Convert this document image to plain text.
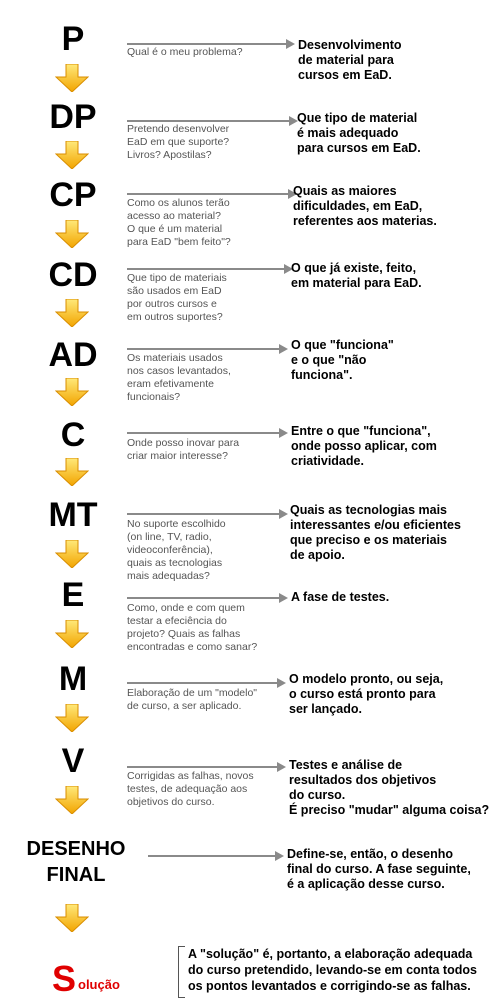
P
DP
CP
CD
AD
C
MT
E
M
V
DESENHO
FINAL
Qual é o meu problema?
Pretendo desenvolver
EaD em que suporte?
Livros? Apostilas?
Como os alunos terão
acesso ao material?
O que é um material
para EaD "bem feito"?
Que tipo de materiais
são usados em EaD
por outros cursos e
em outros suportes?
Os materiais usados
nos casos levantados,
eram efetivamente
funcionais?
Onde posso inovar para
criar maior interesse?
No suporte escolhido
(on line, TV, radio,
videoconferência),
quais as tecnologias
mais adequadas?
Como, onde e com quem
testar a efeciência do
projeto? Quais as falhas
encontradas e como sanar?
Elaboração de um "modelo"
de curso, a ser aplicado.
Corrigidas as falhas, novos
testes, de adequação aos
objetivos do curso.
Desenvolvimento
de material para
cursos em EaD.
Que tipo de material
é mais adequado
para cursos em EaD.
Quais as maiores
dificuldades, em EaD,
referentes aos materias.
O que já existe, feito,
em material para EaD.
O que "funciona"
e o que "não
funciona".
Entre o que "funciona",
onde posso aplicar, com
criatividade.
Quais as tecnologias mais
interessantes e/ou eficientes
que preciso e os materiais
de apoio.
A fase de testes.
O modelo pronto, ou seja,
o curso está pronto para
ser lançado.
Testes e análise de
resultados dos objetivos
do curso.
É preciso "mudar" alguma coisa?
Define-se, então, o desenho
final do curso. A fase seguinte,
é a aplicação desse curso.
S olução
A "solução" é, portanto, a elaboração adequada
do curso pretendido, levando-se em conta todos
os pontos levantados e corrigindo-se as falhas.
